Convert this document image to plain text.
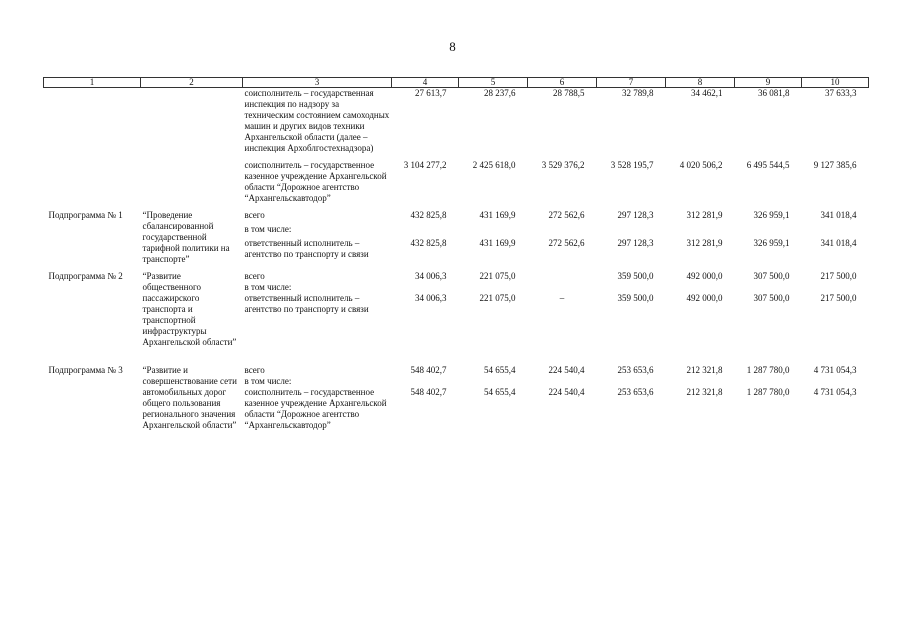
8
1	2	3	4	5	6	7	8	9	10
		соисполнитель – государственная инспекция по надзору за техническим состоянием самоходных машин и других видов техники Архангельской области (далее – инспекция Архоблгостехнадзора)	27 613,7	28 237,6	28 788,5	32 789,8	34 462,1	36 081,8	37 633,3

		соисполнитель – государственное казенное учреждение Архангельской области “Дорожное агентство “Архангельскавтодор”	3 104 277,2	2 425 618,0	3 529 376,2	3 528 195,7	4 020 506,2	6 495 544,5	9 127 385,6

Подпрограмма № 1	“Проведение сбалансированной государственной тарифной политики на транспорте”	всего	432 825,8	431 169,9	272 562,6	297 128,3	312 281,9	326 959,1	341 018,4
		в том числе:							
		ответственный исполнитель – агентство по транспорту и связи	432 825,8	431 169,9	272 562,6	297 128,3	312 281,9	326 959,1	341 018,4

Подпрограмма № 2	“Развитие общественного пассажирского транспорта и транспортной инфраструктуры Архангельской области”	всего	34 006,3	221 075,0		359 500,0	492 000,0	307 500,0	217 500,0
		в том числе:							
		ответственный исполнитель – агентство по транспорту и связи	34 006,3	221 075,0	–	359 500,0	492 000,0	307 500,0	217 500,0

Подпрограмма № 3	“Развитие и совершенствование сети автомобильных дорог общего пользования регионального значения Архангельской области”	всего	548 402,7	54 655,4	224 540,4	253 653,6	212 321,8	1 287 780,0	4 731 054,3
		в том числе:							
		соисполнитель – государственное казенное учреждение Архангельской области “Дорожное агентство “Архангельскавтодор”	548 402,7	54 655,4	224 540,4	253 653,6	212 321,8	1 287 780,0	4 731 054,3
